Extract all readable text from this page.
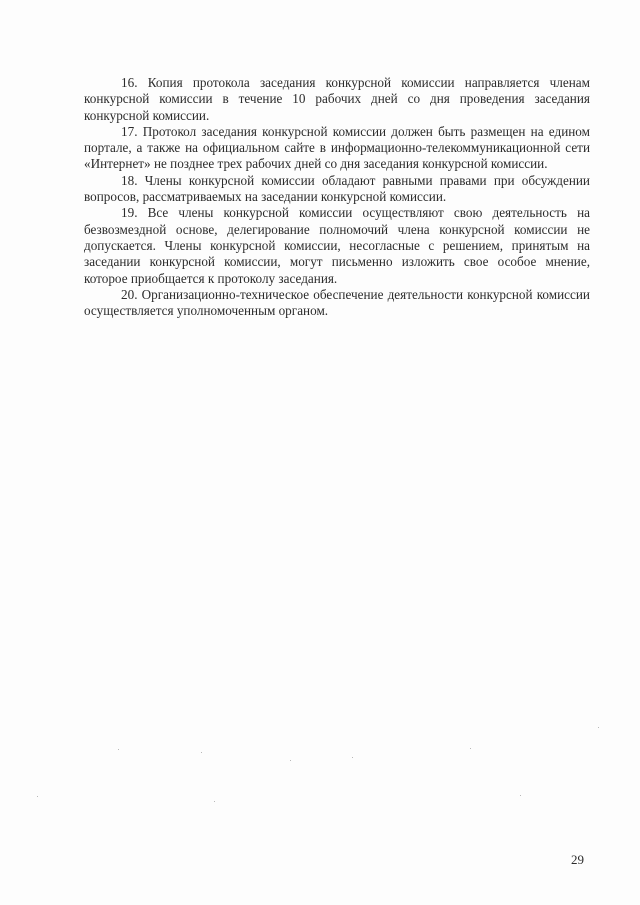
16. Копия протокола заседания конкурсной комиссии направляется членам конкурсной комиссии в течение 10 рабочих дней со дня проведения заседания конкурсной комиссии.

17. Протокол заседания конкурсной комиссии должен быть размещен на едином портале, а также на официальном сайте в информационно-телекоммуникационной сети «Интернет» не позднее трех рабочих дней со дня заседания конкурсной комиссии.

18. Члены конкурсной комиссии обладают равными правами при обсуждении вопросов, рассматриваемых на заседании конкурсной комиссии.

19. Все члены конкурсной комиссии осуществляют свою деятельность на безвозмездной основе, делегирование полномочий члена конкурсной комиссии не допускается. Члены конкурсной комиссии, несогласные с решением, принятым на заседании конкурсной комиссии, могут письменно изложить свое особое мнение, которое приобщается к протоколу заседания.

20. Организационно-техническое обеспечение деятельности конкурсной комиссии осуществляется уполномоченным органом.

29
